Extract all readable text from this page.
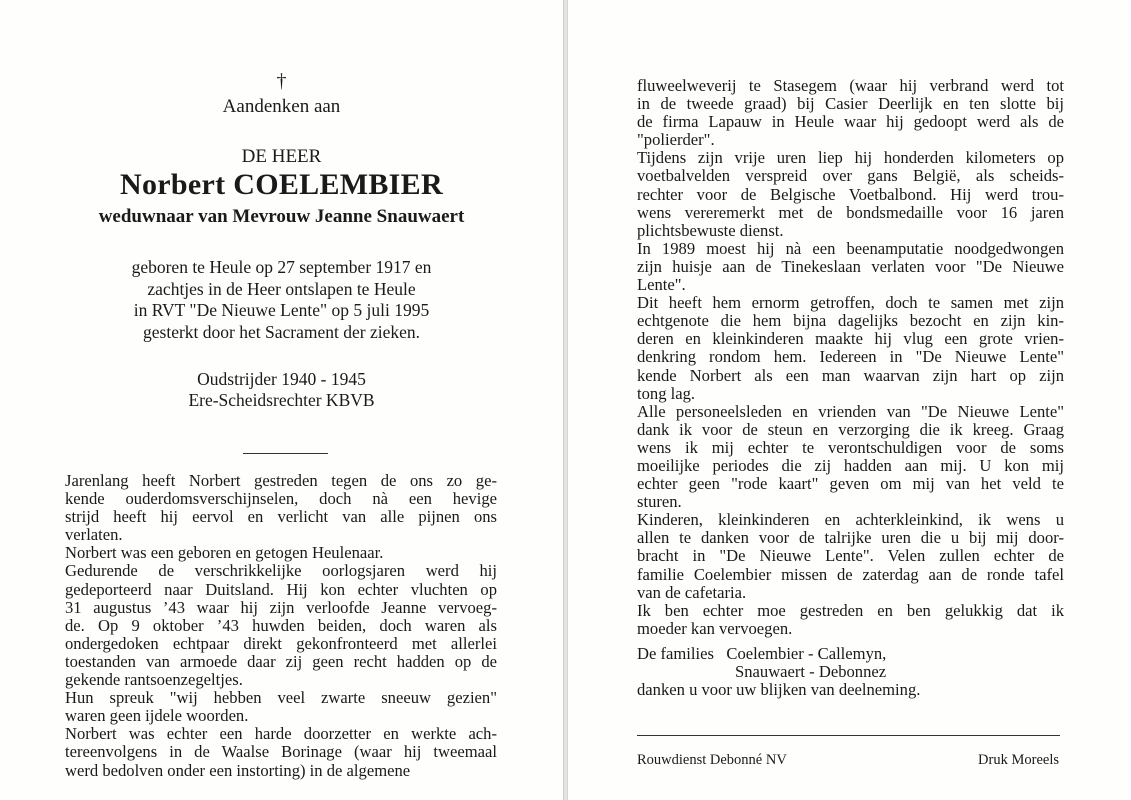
†
Aandenken aan
DE HEER
Norbert COELEMBIER
weduwnaar van Mevrouw Jeanne Snauwaert
geboren te Heule op 27 september 1917 en
zachtjes in de Heer ontslapen te Heule
in RVT "De Nieuwe Lente" op 5 juli 1995
gesterkt door het Sacrament der zieken.
Oudstrijder 1940 - 1945
Ere-Scheidsrechter KBVB
Jarenlang heeft Norbert gestreden tegen de ons zo ge-
kende ouderdomsverschijnselen, doch nà een hevige
strijd heeft hij eervol en verlicht van alle pijnen ons
verlaten.
Norbert was een geboren en getogen Heulenaar.
Gedurende de verschrikkelijke oorlogsjaren werd hij
gedeporteerd naar Duitsland. Hij kon echter vluchten op
31 augustus ’43 waar hij zijn verloofde Jeanne vervoeg-
de. Op 9 oktober ’43 huwden beiden, doch waren als
ondergedoken echtpaar direkt gekonfronteerd met allerlei
toestanden van armoede daar zij geen recht hadden op de
gekende rantsoenzegeltjes.
Hun spreuk "wij hebben veel zwarte sneeuw gezien"
waren geen ijdele woorden.
Norbert was echter een harde doorzetter en werkte ach-
tereenvolgens in de Waalse Borinage (waar hij tweemaal
werd bedolven onder een instorting) in de algemene
fluweelweverij te Stasegem (waar hij verbrand werd tot
in de tweede graad) bij Casier Deerlijk en ten slotte bij
de firma Lapauw in Heule waar hij gedoopt werd als de
"polierder".
Tijdens zijn vrije uren liep hij honderden kilometers op
voetbalvelden verspreid over gans België, als scheids-
rechter voor de Belgische Voetbalbond. Hij werd trou-
wens vereremerkt met de bondsmedaille voor 16 jaren
plichtsbewuste dienst.
In 1989 moest hij nà een beenamputatie noodgedwongen
zijn huisje aan de Tinekeslaan verlaten voor "De Nieuwe
Lente".
Dit heeft hem ernorm getroffen, doch te samen met zijn
echtgenote die hem bijna dagelijks bezocht en zijn kin-
deren en kleinkinderen maakte hij vlug een grote vrien-
denkring rondom hem. Iedereen in "De Nieuwe Lente"
kende Norbert als een man waarvan zijn hart op zijn
tong lag.
Alle personeelsleden en vrienden van "De Nieuwe Lente"
dank ik voor de steun en verzorging die ik kreeg. Graag
wens ik mij echter te verontschuldigen voor de soms
moeilijke periodes die zij hadden aan mij. U kon mij
echter geen "rode kaart" geven om mij van het veld te
sturen.
Kinderen, kleinkinderen en achterkleinkind, ik wens u
allen te danken voor de talrijke uren die u bij mij door-
bracht in "De Nieuwe Lente". Velen zullen echter de
familie Coelembier missen de zaterdag aan de ronde tafel
van de cafetaria.
Ik ben echter moe gestreden en ben gelukkig dat ik
moeder kan vervoegen.
De families Coelembier - Callemyn,
Snauwaert - Debonnez
danken u voor uw blijken van deelneming.
Rouwdienst Debonné NV	Druk Moreels
